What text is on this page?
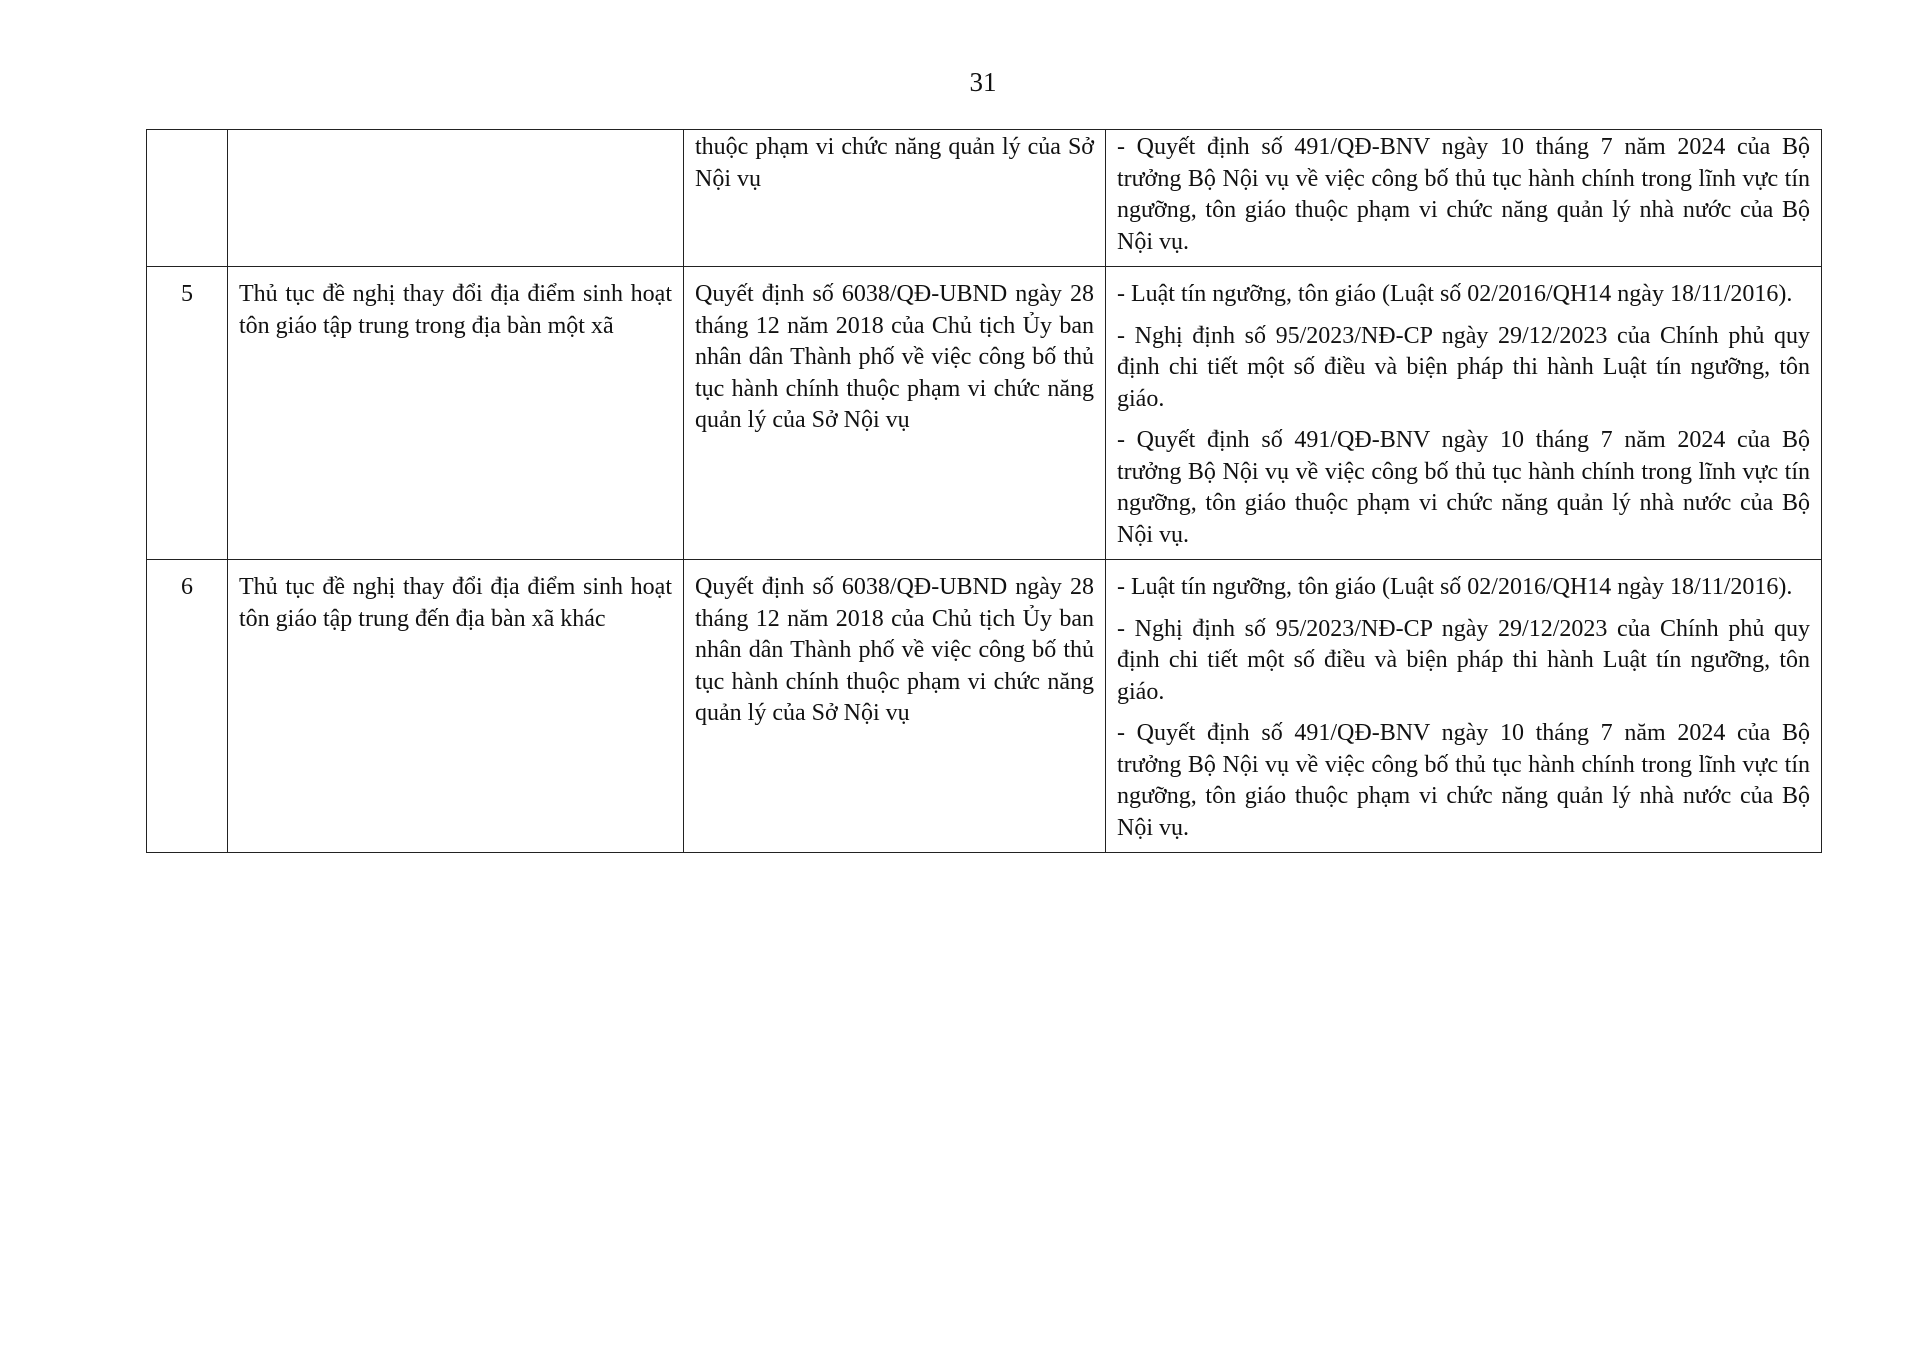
31
		thuộc phạm vi chức năng quản lý của Sở Nội vụ	- Quyết định số 491/QĐ-BNV ngày 10 tháng 7 năm 2024 của Bộ trưởng Bộ Nội vụ về việc công bố thủ tục hành chính trong lĩnh vực tín ngưỡng, tôn giáo thuộc phạm vi chức năng quản lý nhà nước của Bộ Nội vụ.

5	Thủ tục đề nghị thay đổi địa điểm sinh hoạt tôn giáo tập trung trong địa bàn một xã	Quyết định số 6038/QĐ-UBND ngày 28 tháng 12 năm 2018 của Chủ tịch Ủy ban nhân dân Thành phố về việc công bố thủ tục hành chính thuộc phạm vi chức năng quản lý của Sở Nội vụ	- Luật tín ngưỡng, tôn giáo (Luật số 02/2016/QH14 ngày 18/11/2016).
- Nghị định số 95/2023/NĐ-CP ngày 29/12/2023 của Chính phủ quy định chi tiết một số điều và biện pháp thi hành Luật tín ngưỡng, tôn giáo.
- Quyết định số 491/QĐ-BNV ngày 10 tháng 7 năm 2024 của Bộ trưởng Bộ Nội vụ về việc công bố thủ tục hành chính trong lĩnh vực tín ngưỡng, tôn giáo thuộc phạm vi chức năng quản lý nhà nước của Bộ Nội vụ.

6	Thủ tục đề nghị thay đổi địa điểm sinh hoạt tôn giáo tập trung đến địa bàn xã khác	Quyết định số 6038/QĐ-UBND ngày 28 tháng 12 năm 2018 của Chủ tịch Ủy ban nhân dân Thành phố về việc công bố thủ tục hành chính thuộc phạm vi chức năng quản lý của Sở Nội vụ	- Luật tín ngưỡng, tôn giáo (Luật số 02/2016/QH14 ngày 18/11/2016).
- Nghị định số 95/2023/NĐ-CP ngày 29/12/2023 của Chính phủ quy định chi tiết một số điều và biện pháp thi hành Luật tín ngưỡng, tôn giáo.
- Quyết định số 491/QĐ-BNV ngày 10 tháng 7 năm 2024 của Bộ trưởng Bộ Nội vụ về việc công bố thủ tục hành chính trong lĩnh vực tín ngưỡng, tôn giáo thuộc phạm vi chức năng quản lý nhà nước của Bộ Nội vụ.
